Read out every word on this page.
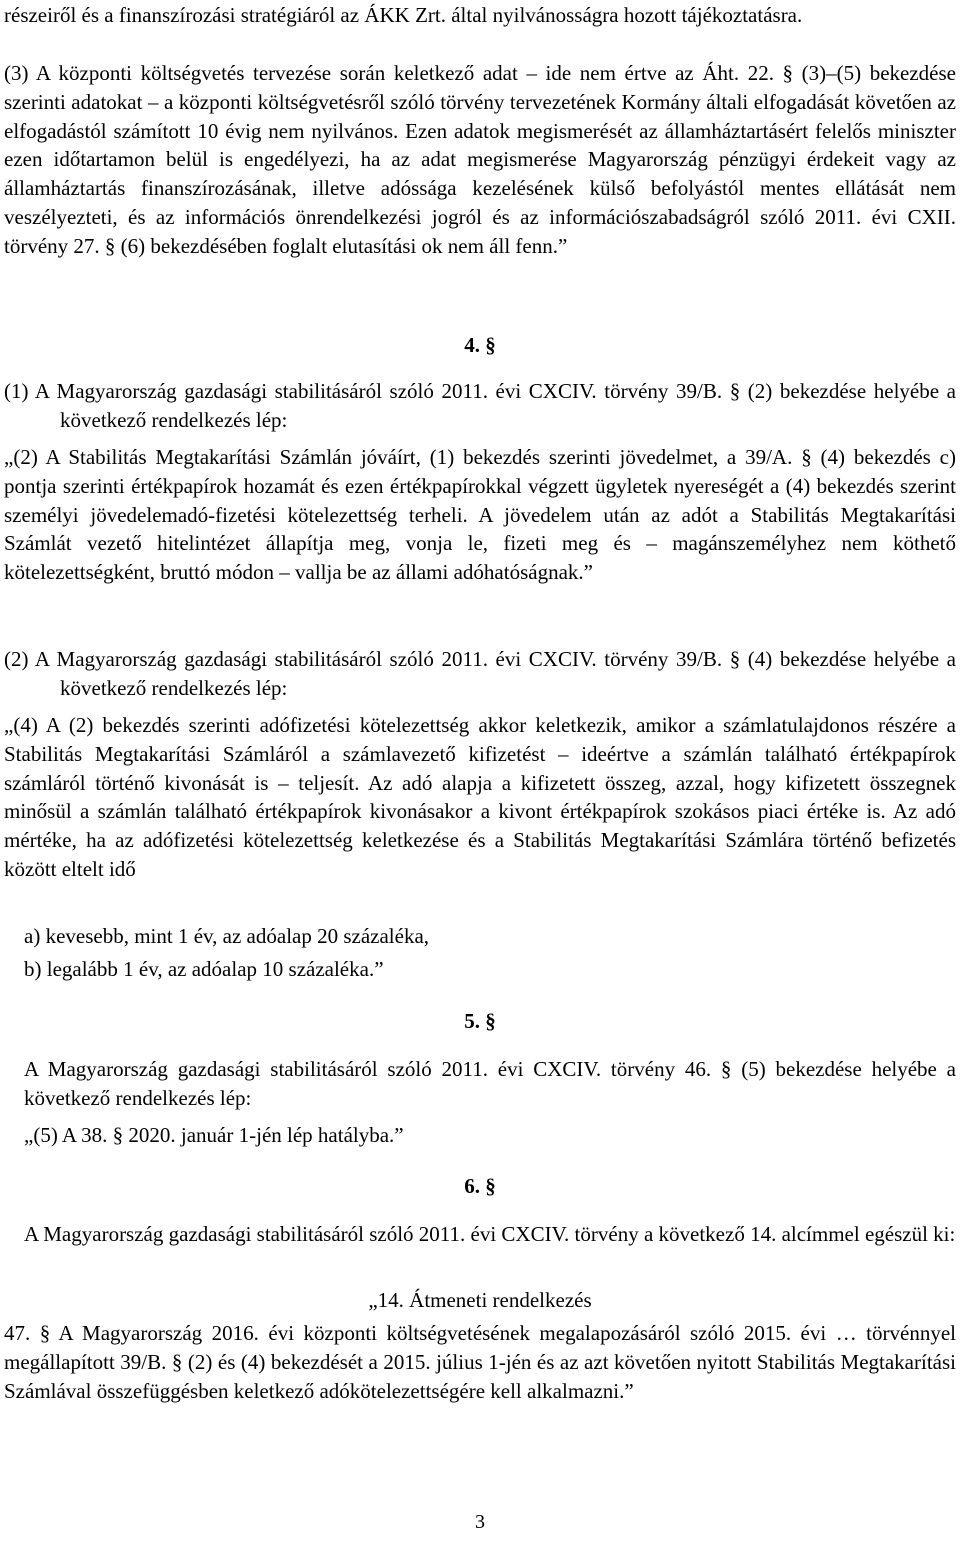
részeiről és a finanszírozási stratégiáról az ÁKK Zrt. által nyilvánosságra hozott tájékoztatásra.

(3) A központi költségvetés tervezése során keletkező adat – ide nem értve az Áht. 22. § (3)–(5) bekezdése szerinti adatokat – a központi költségvetésről szóló törvény tervezetének Kormány általi elfogadását követően az elfogadástól számított 10 évig nem nyilvános. Ezen adatok megismerését az államháztartásért felelős miniszter ezen időtartamon belül is engedélyezi, ha az adat megismerése Magyarország pénzügyi érdekeit vagy az államháztartás finanszírozásának, illetve adóssága kezelésének külső befolyástól mentes ellátását nem veszélyezteti, és az információs önrendelkezési jogról és az információszabadságról szóló 2011. évi CXII. törvény 27. § (6) bekezdésében foglalt elutasítási ok nem áll fenn.”

4. §

(1) A Magyarország gazdasági stabilitásáról szóló 2011. évi CXCIV. törvény 39/B. § (2) bekezdése helyébe a következő rendelkezés lép:

„(2) A Stabilitás Megtakarítási Számlán jóváírt, (1) bekezdés szerinti jövedelmet, a 39/A. § (4) bekezdés c) pontja szerinti értékpapírok hozamát és ezen értékpapírokkal végzett ügyletek nyereségét a (4) bekezdés szerint személyi jövedelemadó-fizetési kötelezettség terheli. A jövedelem után az adót a Stabilitás Megtakarítási Számlát vezető hitelintézet állapítja meg, vonja le, fizeti meg és – magánszemélyhez nem köthető kötelezettségként, bruttó módon – vallja be az állami adóhatóságnak.”

(2) A Magyarország gazdasági stabilitásáról szóló 2011. évi CXCIV. törvény 39/B. § (4) bekezdése helyébe a következő rendelkezés lép:

„(4) A (2) bekezdés szerinti adófizetési kötelezettség akkor keletkezik, amikor a számlatulajdonos részére a Stabilitás Megtakarítási Számláról a számlavezető kifizetést – ideértve a számlán található értékpapírok számláról történő kivonását is – teljesít. Az adó alapja a kifizetett összeg, azzal, hogy kifizetett összegnek minősül a számlán található értékpapírok kivonásakor a kivont értékpapírok szokásos piaci értéke is. Az adó mértéke, ha az adófizetési kötelezettség keletkezése és a Stabilitás Megtakarítási Számlára történő befizetés között eltelt idő

a) kevesebb, mint 1 év, az adóalap 20 százaléka,

b) legalább 1 év, az adóalap 10 százaléka.”

5. §

A Magyarország gazdasági stabilitásáról szóló 2011. évi CXCIV. törvény 46. § (5) bekezdése helyébe a következő rendelkezés lép:

„(5) A 38. § 2020. január 1-jén lép hatályba.”

6. §

A Magyarország gazdasági stabilitásáról szóló 2011. évi CXCIV. törvény a következő 14. alcímmel egészül ki:

„14. Átmeneti rendelkezés

47. § A Magyarország 2016. évi központi költségvetésének megalapozásáról szóló 2015. évi … törvénnyel megállapított 39/B. § (2) és (4) bekezdését a 2015. július 1-jén és az azt követően nyitott Stabilitás Megtakarítási Számlával összefüggésben keletkező adókötelezettségére kell alkalmazni.”

3
